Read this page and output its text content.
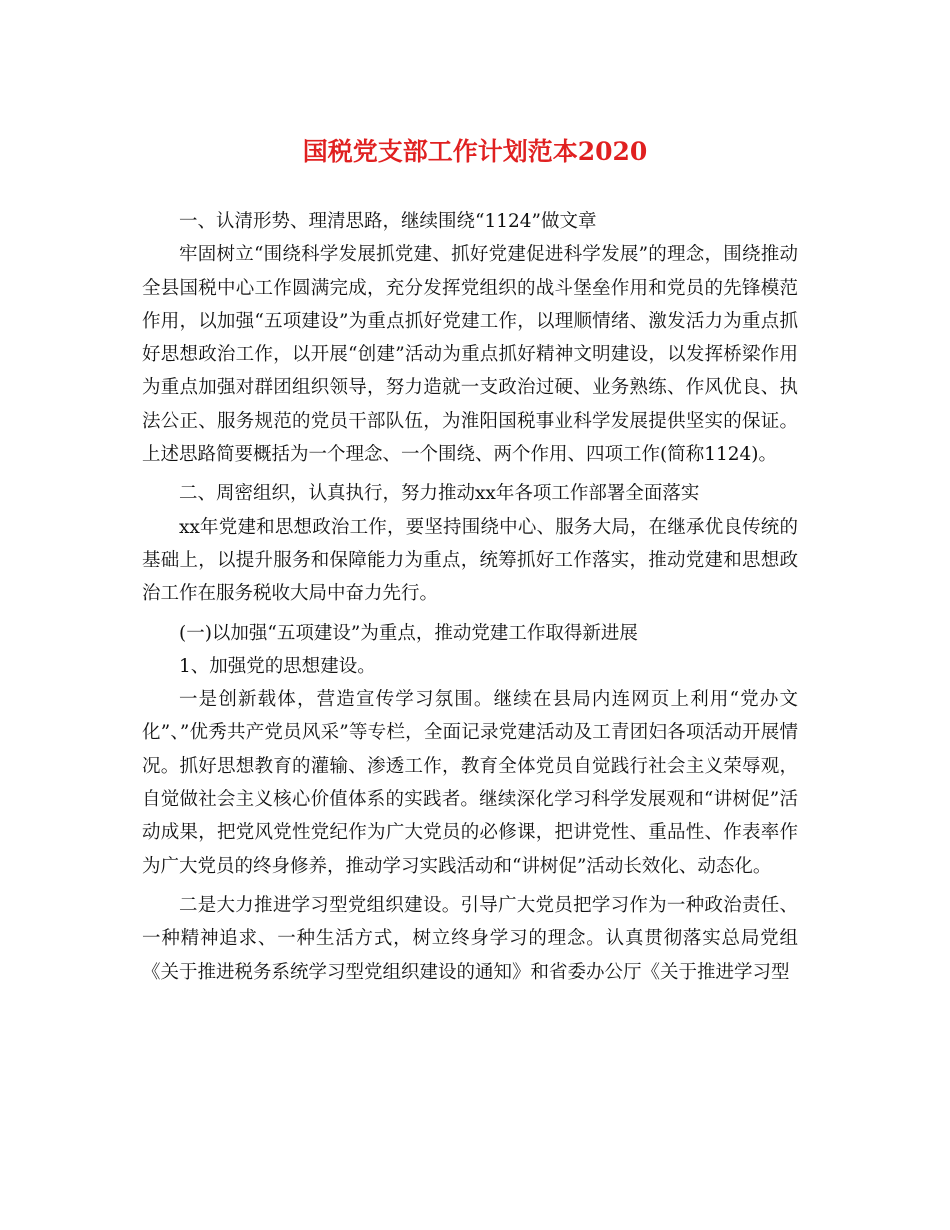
国税党支部工作计划范本2020

一、认清形势、理清思路，继续围绕“1124”做文章

牢固树立“围绕科学发展抓党建、抓好党建促进科学发展”的理念，围绕推动全县国税中心工作圆满完成，充分发挥党组织的战斗堡垒作用和党员的先锋模范作用，以加强“五项建设”为重点抓好党建工作，以理顺情绪、激发活力为重点抓好思想政治工作，以开展“创建”活动为重点抓好精神文明建设，以发挥桥梁作用为重点加强对群团组织领导，努力造就一支政治过硬、业务熟练、作风优良、执法公正、服务规范的党员干部队伍，为淮阳国税事业科学发展提供坚实的保证。上述思路简要概括为一个理念、一个围绕、两个作用、四项工作(简称1124)。

二、周密组织，认真执行，努力推动xx年各项工作部署全面落实

xx年党建和思想政治工作，要坚持围绕中心、服务大局，在继承优良传统的基础上，以提升服务和保障能力为重点，统筹抓好工作落实，推动党建和思想政治工作在服务税收大局中奋力先行。

(一)以加强“五项建设”为重点，推动党建工作取得新进展

1、加强党的思想建设。

一是创新载体，营造宣传学习氛围。继续在县局内连网页上利用“党办文化”、”优秀共产党员风采”等专栏，全面记录党建活动及工青团妇各项活动开展情况。抓好思想教育的灌输、渗透工作，教育全体党员自觉践行社会主义荣辱观，自觉做社会主义核心价值体系的实践者。继续深化学习科学发展观和“讲树促”活动成果，把党风党性党纪作为广大党员的必修课，把讲党性、重品性、作表率作为广大党员的终身修养，推动学习实践活动和“讲树促”活动长效化、动态化。

二是大力推进学习型党组织建设。引导广大党员把学习作为一种政治责任、一种精神追求、一种生活方式，树立终身学习的理念。认真贯彻落实总局党组《关于推进税务系统学习型党组织建设的通知》和省委办公厅《关于推进学习型
